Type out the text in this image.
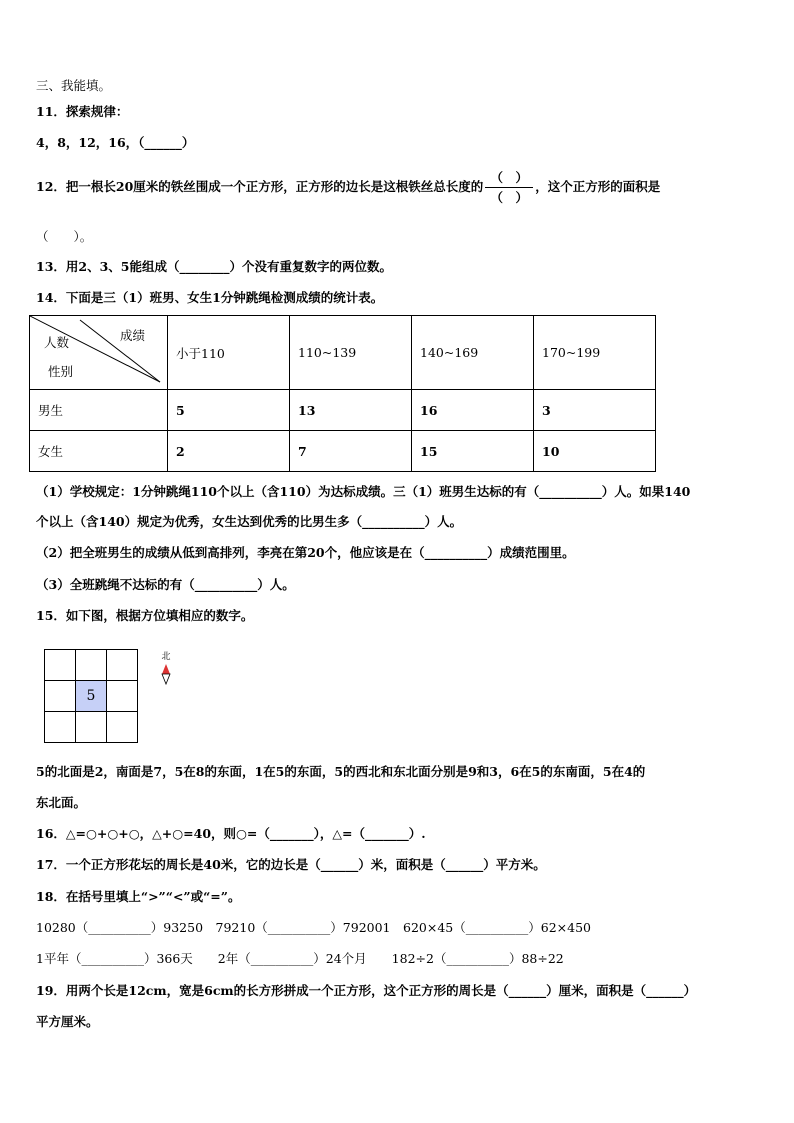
三、我能填。
11．探索规律：
4，8，12，16，（______）
12．把一根长20厘米的铁丝围成一个正方形，正方形的边长是这根铁丝总长度的 $\frac{( )}{( )}$ ，这个正方形的面积是
（　　）。
13．用2、3、5能组成（________）个没有重复数字的两位数。
14．下面是三（1）班男、女生1分钟跳绳检测成绩的统计表。
成绩
人数
性别	小于110	110~139	140~169	170~199
男生	5	13	16	3
女生	2	7	15	10
（1）学校规定：1分钟跳绳110个以上（含110）为达标成绩。三（1）班男生达标的有（__________）人。如果140
个以上（含140）规定为优秀，女生达到优秀的比男生多（__________）人。
（2）把全班男生的成绩从低到高排列，李亮在第20个，他应该是在（__________）成绩范围里。
（3）全班跳绳不达标的有（__________）人。
15．如下图，根据方位填相应的数字。

	5	

北
5的北面是2，南面是7，5在8的东面，1在5的东面，5的西北和东北面分别是9和3，6在5的东南面，5在4的
东北面。
16．△=○+○+○，△+○=40，则○=（_______），△=（_______）.
17．一个正方形花坛的周长是40米，它的边长是（______）米，面积是（______）平方米。
18．在括号里填上“>”“<”或“=”。
10280（__________）93250　79210（__________）792001　620×45（__________）62×450
1平年（__________）366天　　2年（__________）24个月　　182÷2（__________）88÷22
19．用两个长是12cm，宽是6cm的长方形拼成一个正方形，这个正方形的周长是（______）厘米，面积是（______）
平方厘米。
